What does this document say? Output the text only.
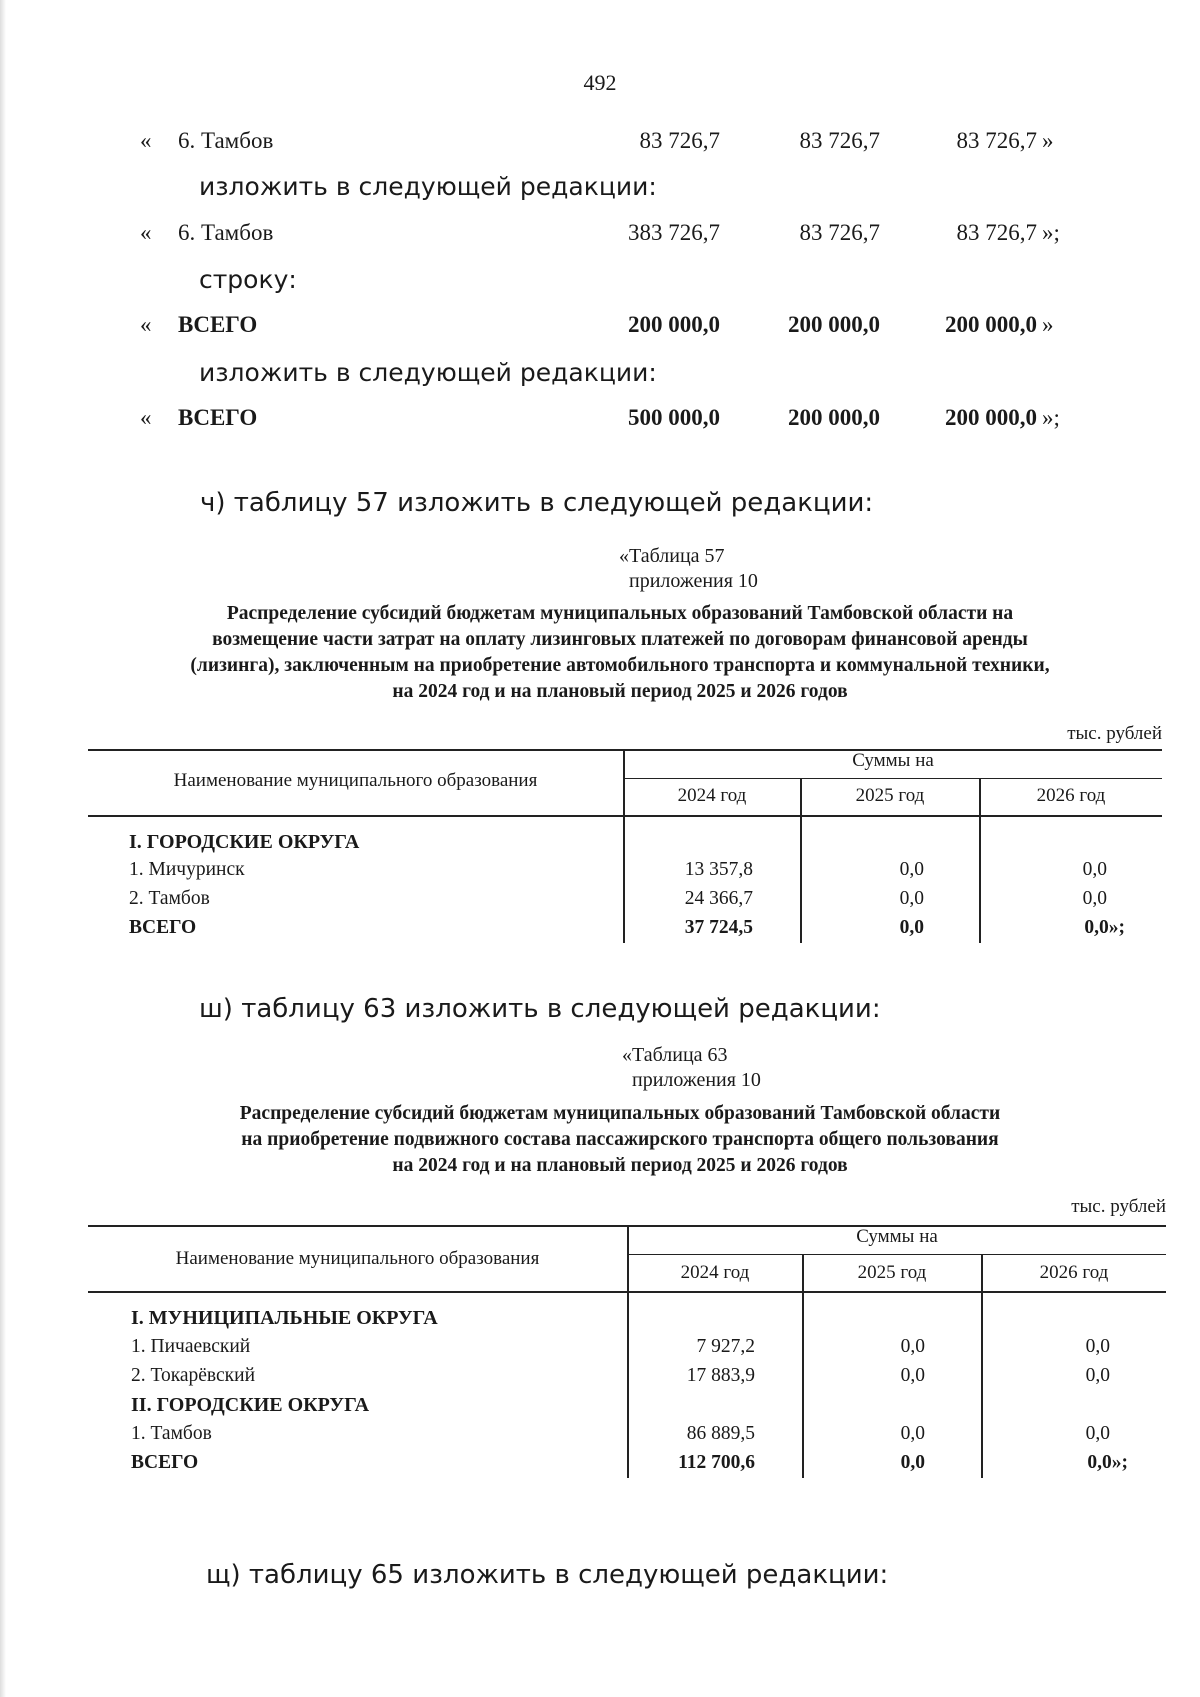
492
« 6. Тамбов	83 726,7	83 726,7	83 726,7 »
изложить в следующей редакции:
« 6. Тамбов	383 726,7	83 726,7	83 726,7 »;
строку:
« ВСЕГО	200 000,0	200 000,0	200 000,0 »
изложить в следующей редакции:
« ВСЕГО	500 000,0	200 000,0	200 000,0 »;
ч) таблицу 57 изложить в следующей редакции:
«Таблица 57
приложения 10
Распределение субсидий бюджетам муниципальных образований Тамбовской области на
возмещение части затрат на оплату лизинговых платежей по договорам финансовой аренды
(лизинга), заключенным на приобретение автомобильного транспорта и коммунальной техники,
на 2024 год и на плановый период 2025 и 2026 годов
тыс. рублей
Наименование муниципального образования
Суммы на
2024 год	2025 год	2026 год
I. ГОРОДСКИЕ ОКРУГА
1. Мичуринск	13 357,8	0,0	0,0
2. Тамбов	24 366,7	0,0	0,0
ВСЕГО	37 724,5	0,0	0,0»;
ш) таблицу 63 изложить в следующей редакции:
«Таблица 63
приложения 10
Распределение субсидий бюджетам муниципальных образований Тамбовской области
на приобретение подвижного состава пассажирского транспорта общего пользования
на 2024 год и на плановый период 2025 и 2026 годов
тыс. рублей
Наименование муниципального образования
Суммы на
2024 год	2025 год	2026 год
I. МУНИЦИПАЛЬНЫЕ ОКРУГА
1. Пичаевский	7 927,2	0,0	0,0
2. Токарёвский	17 883,9	0,0	0,0
II. ГОРОДСКИЕ ОКРУГА
1. Тамбов	86 889,5	0,0	0,0
ВСЕГО	112 700,6	0,0	0,0»;
щ) таблицу 65 изложить в следующей редакции:
